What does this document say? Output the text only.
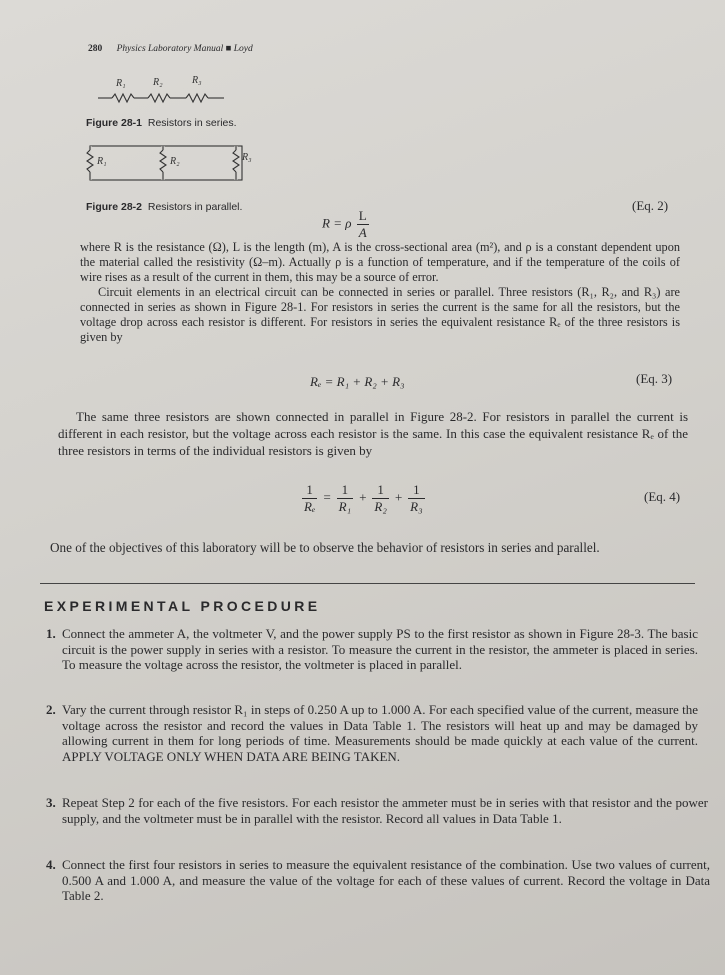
280 Physics Laboratory Manual ■ Loyd
R₁	R₂	R₃
Figure 28-1 Resistors in series.
R₁	R₂	R₃
Figure 28-2 Resistors in parallel.	(Eq. 2)
R = ρ $\frac{L}{A}$

where R is the resistance (Ω), L is the length (m), A is the cross-sectional area (m²), and ρ is a constant dependent upon the material called the resistivity (Ω–m). Actually ρ is a function of temperature, and if the temperature of the coils of wire rises as a result of the current in them, this may be a source of error.

Circuit elements in an electrical circuit can be connected in series or parallel. Three resistors (R₁, R₂, and R₃) are connected in series as shown in Figure 28-1. For resistors in series the current is the same for all the resistors, but the voltage drop across each resistor is different. For resistors in series the equivalent resistance Rₑ of the three resistors is given by

Rₑ = R₁ + R₂ + R₃	(Eq. 3)

The same three resistors are shown connected in parallel in Figure 28-2. For resistors in parallel the current is different in each resistor, but the voltage across each resistor is the same. In this case the equivalent resistance Rₑ of the three resistors in terms of the individual resistors is given by

$\frac{1}{\text{Rₑ}} = \frac{1}{\text{R₁}} + \frac{1}{\text{R₂}} + \frac{1}{\text{R₃}}$	(Eq. 4)

One of the objectives of this laboratory will be to observe the behavior of resistors in series and parallel.

EXPERIMENTAL PROCEDURE
1. Connect the ammeter A, the voltmeter V, and the power supply PS to the first resistor as shown in Figure 28-3. The basic circuit is the power supply in series with a resistor. To measure the current in the resistor, the ammeter is placed in series. To measure the voltage across the resistor, the voltmeter is placed in parallel.
2. Vary the current through resistor R₁ in steps of 0.250 A up to 1.000 A. For each specified value of the current, measure the voltage across the resistor and record the values in Data Table 1. The resistors will heat up and may be damaged by allowing current in them for long periods of time. Measurements should be made quickly at each value of the current. APPLY VOLTAGE ONLY WHEN DATA ARE BEING TAKEN.
3. Repeat Step 2 for each of the five resistors. For each resistor the ammeter must be in series with that resistor and the power supply, and the voltmeter must be in parallel with the resistor. Record all values in Data Table 1.
4. Connect the first four resistors in series to measure the equivalent resistance of the combination. Use two values of current, 0.500 A and 1.000 A, and measure the value of the voltage for each of these values of current. Record the voltage in Data Table 2.
